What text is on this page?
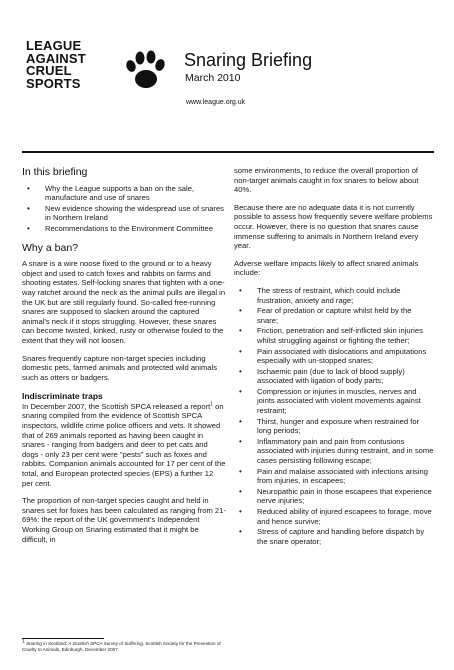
LEAGUE
AGAINST
CRUEL
SPORTS
Snaring Briefing
March 2010
www.league.org.uk
In this briefing
• Why the League supports a ban on the sale, manufacture and use of snares
• New evidence showing the widespread use of snares in Northern Ireland
• Recommendations to the Environment Committee
Why a ban?

A snare is a wire noose fixed to the ground or to a heavy object and used to catch foxes and rabbits on farms and shooting estates. Self-locking snares that tighten with a one-way ratchet around the neck as the animal pulls are illegal in the UK but are still regularly found. So-called free-running snares are supposed to slacken around the captured animal's neck if it stops struggling. However, these snares can become twisted, kinked, rusty or otherwise fouled to the extent that they will not loosen.

Snares frequently capture non-target species including domestic pets, farmed animals and protected wild animals such as otters or badgers.

Indiscriminate traps

In December 2007, the Scottish SPCA released a report$^1$ on snaring compiled from the evidence of Scottish SPCA inspectors, wildlife crime police officers and vets. It showed that of 269 animals reported as having been caught in snares - ranging from badgers and deer to pet cats and dogs - only 23 per cent were "pests" such as foxes and rabbits. Companion animals accounted for 17 per cent of the total, and European protected species (EPS) a further 12 per cent.

The proportion of non-target species caught and held in snares set for foxes has been calculated as ranging from 21-69%: the report of the UK government's Independent Working Group on Snaring estimated that it might be difficult, in

some environments, to reduce the overall proportion of non-target animals caught in fox snares to below about 40%.

Because there are no adequate data it is not currently possible to assess how frequently severe welfare problems occur. However, there is no question that snares cause immense suffering to animals in Northern Ireland every year.

Adverse welfare impacts likely to affect snared animals include:

• The stress of restraint, which could include frustration, anxiety and rage;
• Fear of predation or capture whilst held by the snare;
• Friction, penetration and self-inflicted skin injuries whilst struggling against or fighting the tether;
• Pain associated with dislocations and amputations especially with un-stopped snares;
• Ischaemic pain (due to lack of blood supply) associated with ligation of body parts;
• Compression or injuries in muscles, nerves and joints associated with violent movements against restraint;
• Thirst, hunger and exposure when restrained for long periods;
• Inflammatory pain and pain from contusions associated with injuries during restraint, and in some cases persisting following escape;
• Pain and malaise associated with infections arising from injuries, in escapees;
• Neuropathic pain in those escapees that experience nerve injuries;
• Reduced ability of injured escapees to forage, move and hence survive;
• Stress of capture and handling before dispatch by the snare operator;
$^1$ Snaring in Scotland: A Scottish SPCA Survey of Suffering, Scottish Society for the Prevention of Cruelty to Animals, Edinburgh, December 2007
